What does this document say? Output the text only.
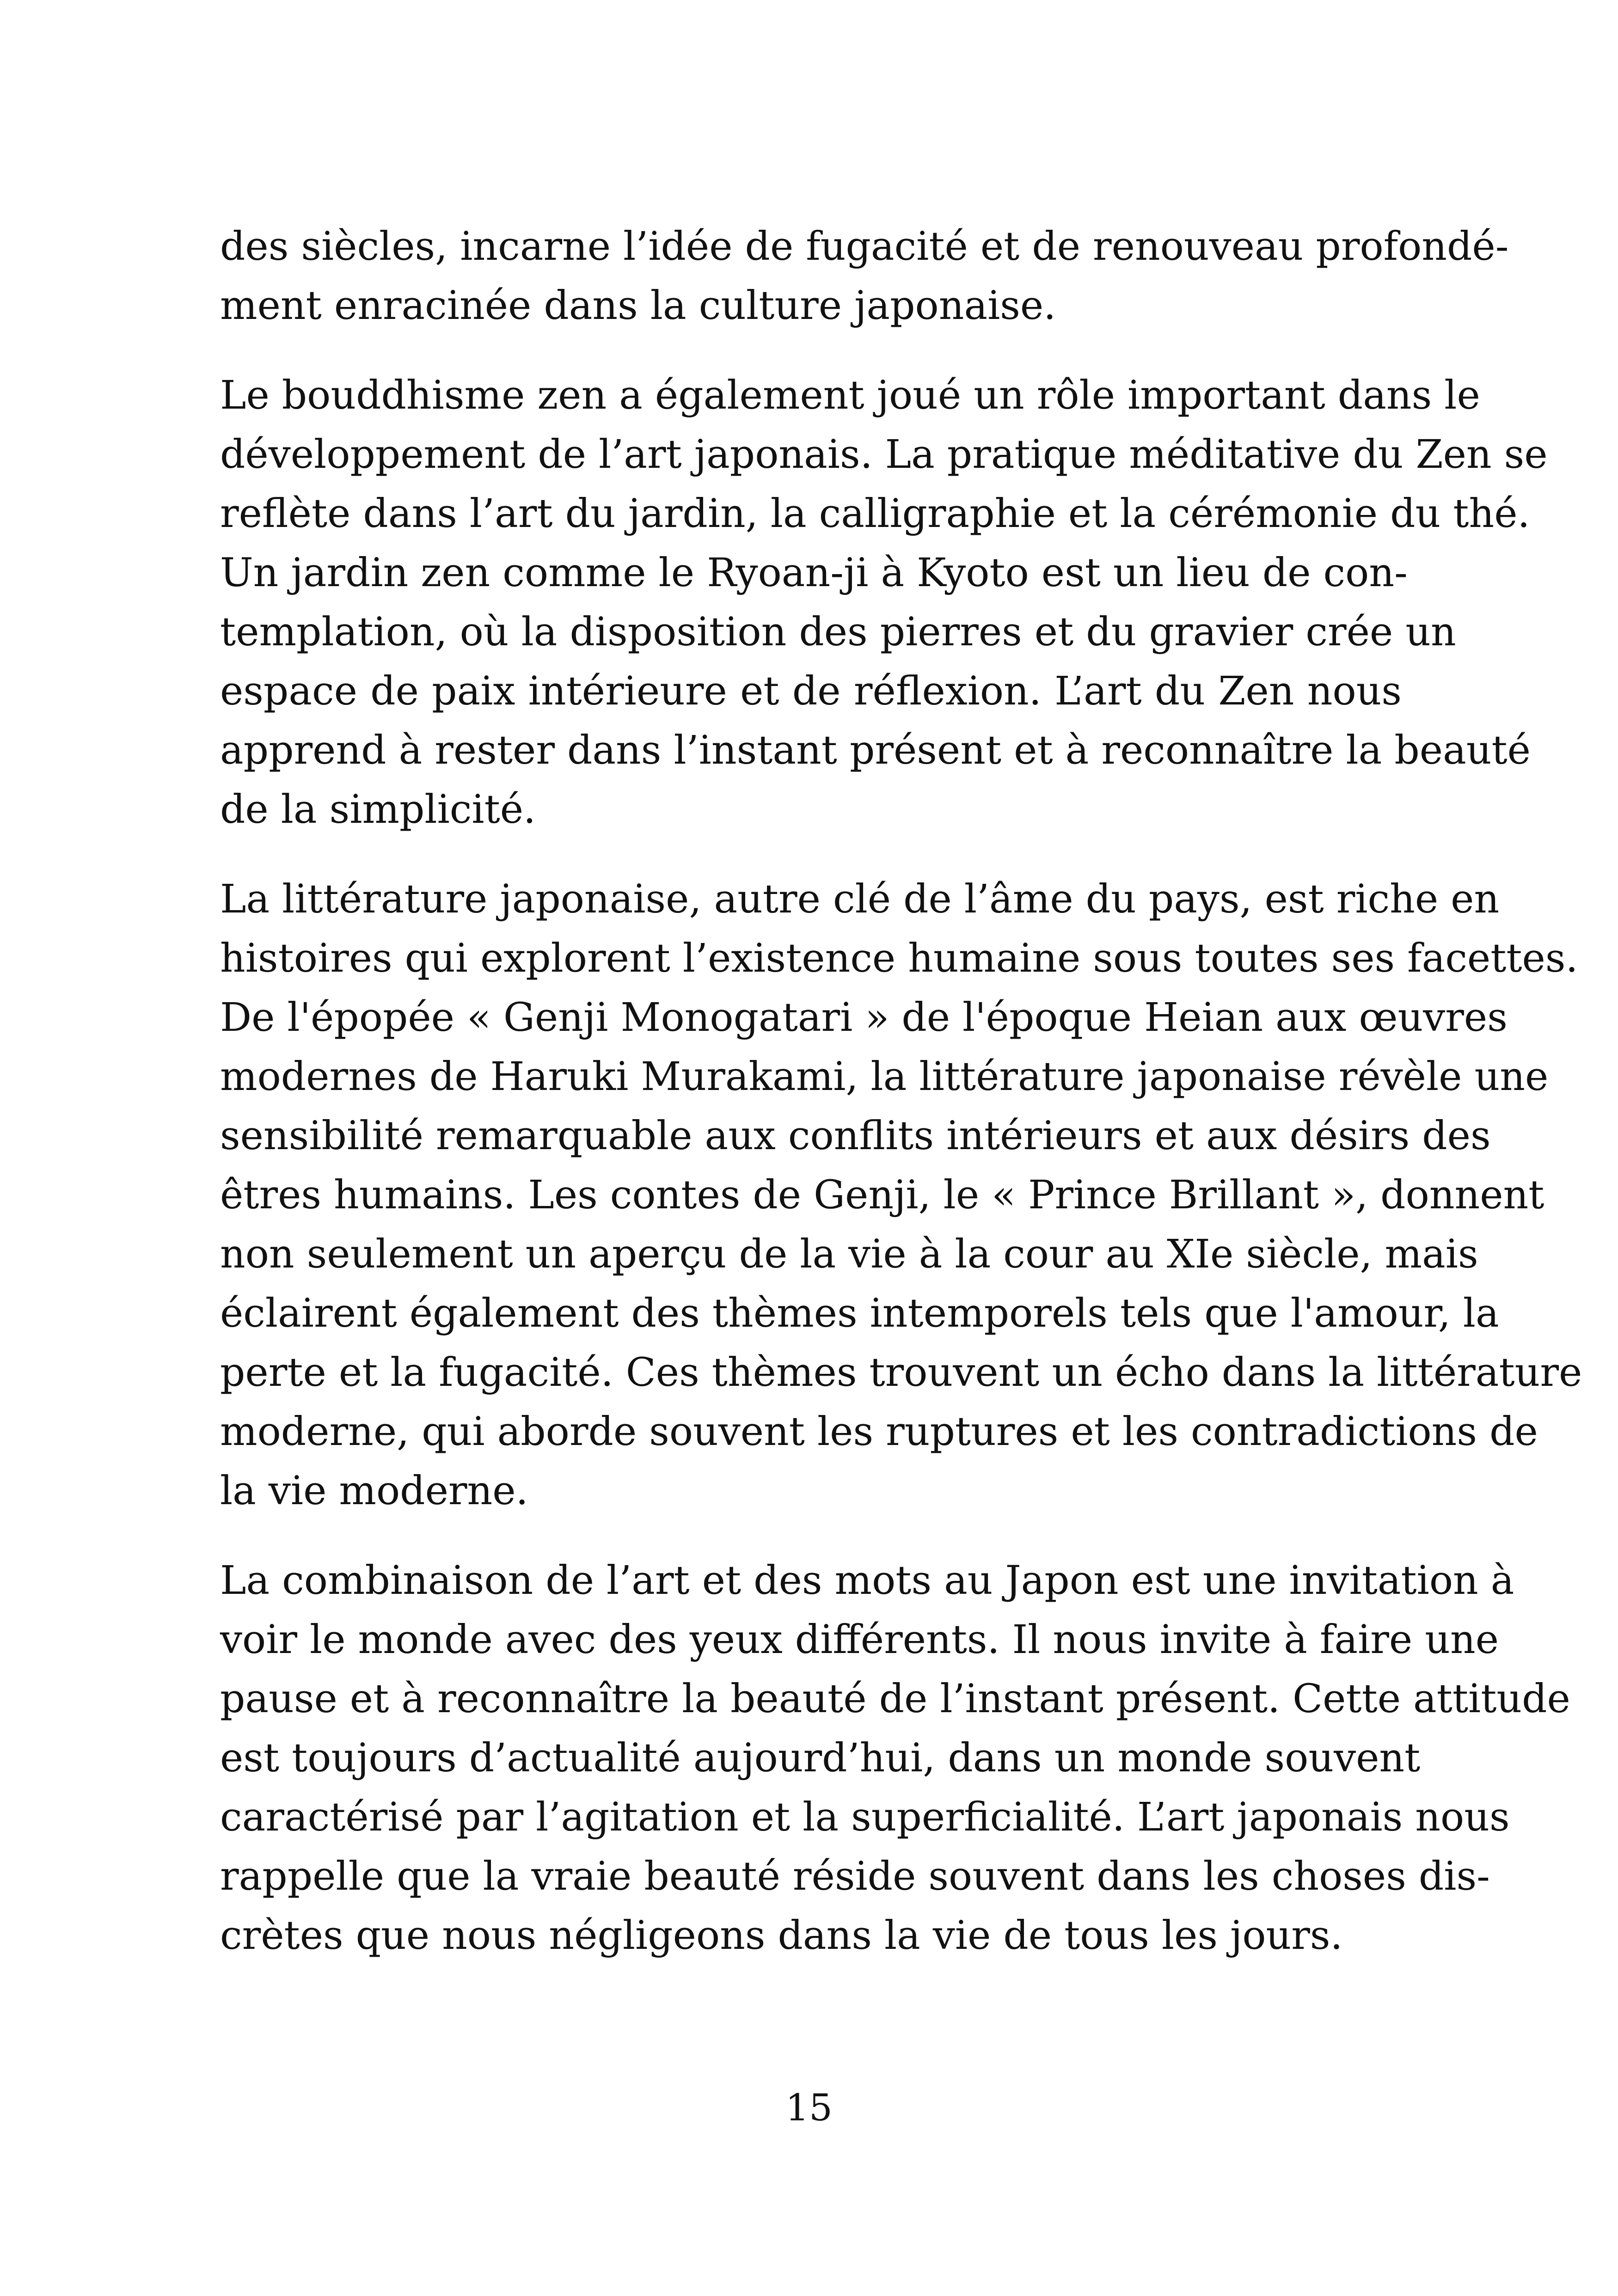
des siècles, incarne l’idée de fugacité et de renouveau profondé-
ment enracinée dans la culture japonaise.
Le bouddhisme zen a également joué un rôle important dans le
développement de l’art japonais. La pratique méditative du Zen se
reflète dans l’art du jardin, la calligraphie et la cérémonie du thé.
Un jardin zen comme le Ryoan-ji à Kyoto est un lieu de con-
templation, où la disposition des pierres et du gravier crée un
espace de paix intérieure et de réflexion. L’art du Zen nous
apprend à rester dans l’instant présent et à reconnaître la beauté
de la simplicité.
La littérature japonaise, autre clé de l’âme du pays, est riche en
histoires qui explorent l’existence humaine sous toutes ses facettes.
De l'épopée « Genji Monogatari » de l'époque Heian aux œuvres
modernes de Haruki Murakami, la littérature japonaise révèle une
sensibilité remarquable aux conflits intérieurs et aux désirs des
êtres humains. Les contes de Genji, le « Prince Brillant », donnent
non seulement un aperçu de la vie à la cour au XIe siècle, mais
éclairent également des thèmes intemporels tels que l'amour, la
perte et la fugacité. Ces thèmes trouvent un écho dans la littérature
moderne, qui aborde souvent les ruptures et les contradictions de
la vie moderne.
La combinaison de l’art et des mots au Japon est une invitation à
voir le monde avec des yeux différents. Il nous invite à faire une
pause et à reconnaître la beauté de l’instant présent. Cette attitude
est toujours d’actualité aujourd’hui, dans un monde souvent
caractérisé par l’agitation et la superficialité. L’art japonais nous
rappelle que la vraie beauté réside souvent dans les choses dis-
crètes que nous négligeons dans la vie de tous les jours.
15
